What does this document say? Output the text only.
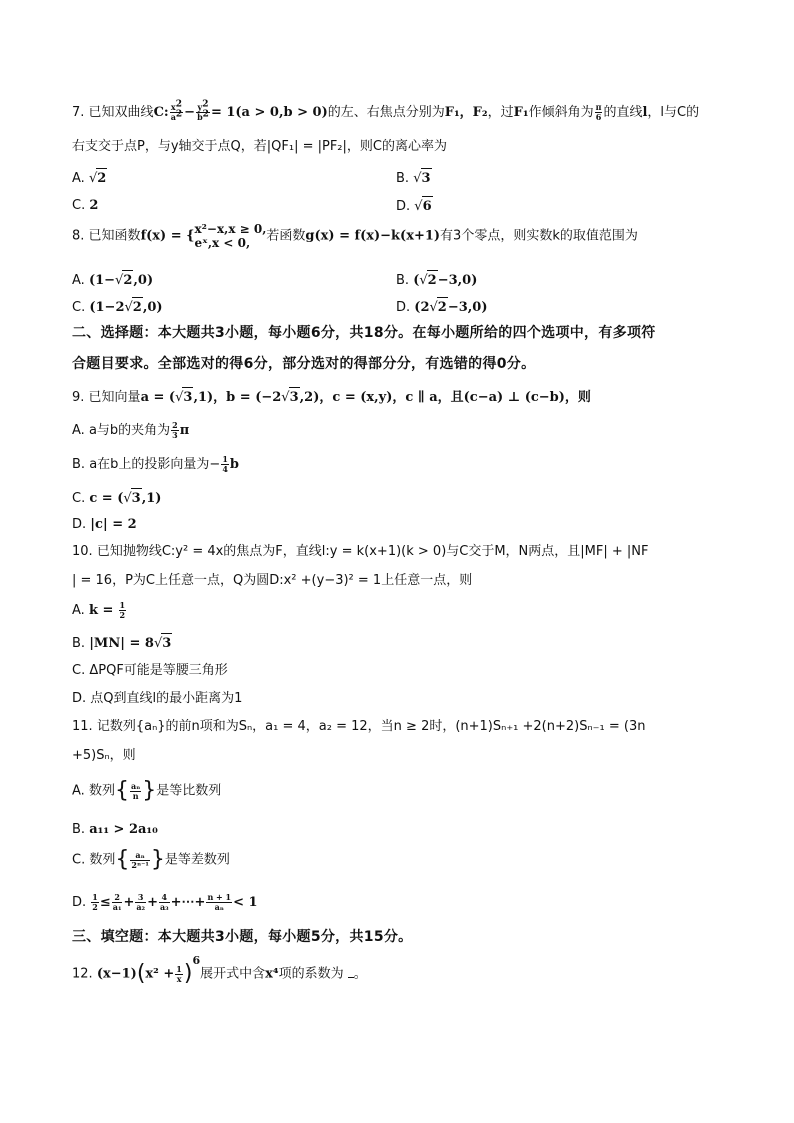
7. 已知双曲线C: $\frac{x^2}{a^2} - \frac{y^2}{b^2} = 1(a > 0,b > 0)$的左、右焦点分别为F₁，F₂，过F₁作倾斜角为 $\frac{\pi}{6}$ 的直线l，l与C的
右支交于点P，与y轴交于点Q，若|QF₁| = |PF₂|，则C的离心率为
A. √2	B. √3
C. 2	D. √6
8. 已知函数f(x) = { x²−x,x ≥ 0,
eˣ,x < 0,	若函数g(x) = f(x)−k(x+1)有3个零点，则实数k的取值范围为
A. (1−√2,0)	B. (√2−3,0)
C. (1−2√2,0)	D. (2√2−3,0)
二、选择题：本大题共3小题，每小题6分，共18分。在每小题所给的四个选项中，有多项符
合题目要求。全部选对的得6分，部分选对的得部分分，有选错的得0分。
9. 已知向量a = (√3,1)，b = (−2√3,2)，c = (x,y)，c ∥ a，且(c−a) ⊥ (c−b)，则
A. a与b的夹角为 $\frac{2}{3}$ π
B. a在b上的投影向量为− $\frac{1}{4}$ b
C. c = (√3,1)
D. |c| = 2
10. 已知抛物线C:y² = 4x的焦点为F，直线l:y = k(x+1)(k > 0)与C交于M，N两点，且|MF| + |NF
| = 16，P为C上任意一点，Q为圆D:x² +(y−3)² = 1上任意一点，则
A. $k = \frac{1}{2}$
B. |MN| = 8√3
C. ΔPQF可能是等腰三角形
D. 点Q到直线l的最小距离为1
11. 记数列{aₙ}的前n项和为Sₙ，a₁ = 4，a₂ = 12，当n ≥ 2时，(n+1)Sₙ₊₁ +2(n+2)Sₙ₋₁ = (3n
+5)Sₙ，则
A. 数列{ $\frac{\text{aₙ}}{n}$ }是等比数列
B. a₁₁ > 2a₁₀
C. 数列{ $\frac{\text{aₙ}}{\text{2ⁿ⁻¹}}$ }是等差数列
D. $\frac{1}{2} \le \frac{2}{\text{a₁}} + \frac{3}{\text{a₂}} + \frac{4}{\text{a₃}}$ +⋯+ $\frac{n + 1}{\text{aₙ}} < 1$
三、填空题：本大题共3小题，每小题5分，共15分。
12. $(x-1)(x^2 + \frac{1}{x} )^6$展开式中含x⁴项的系数为 。
